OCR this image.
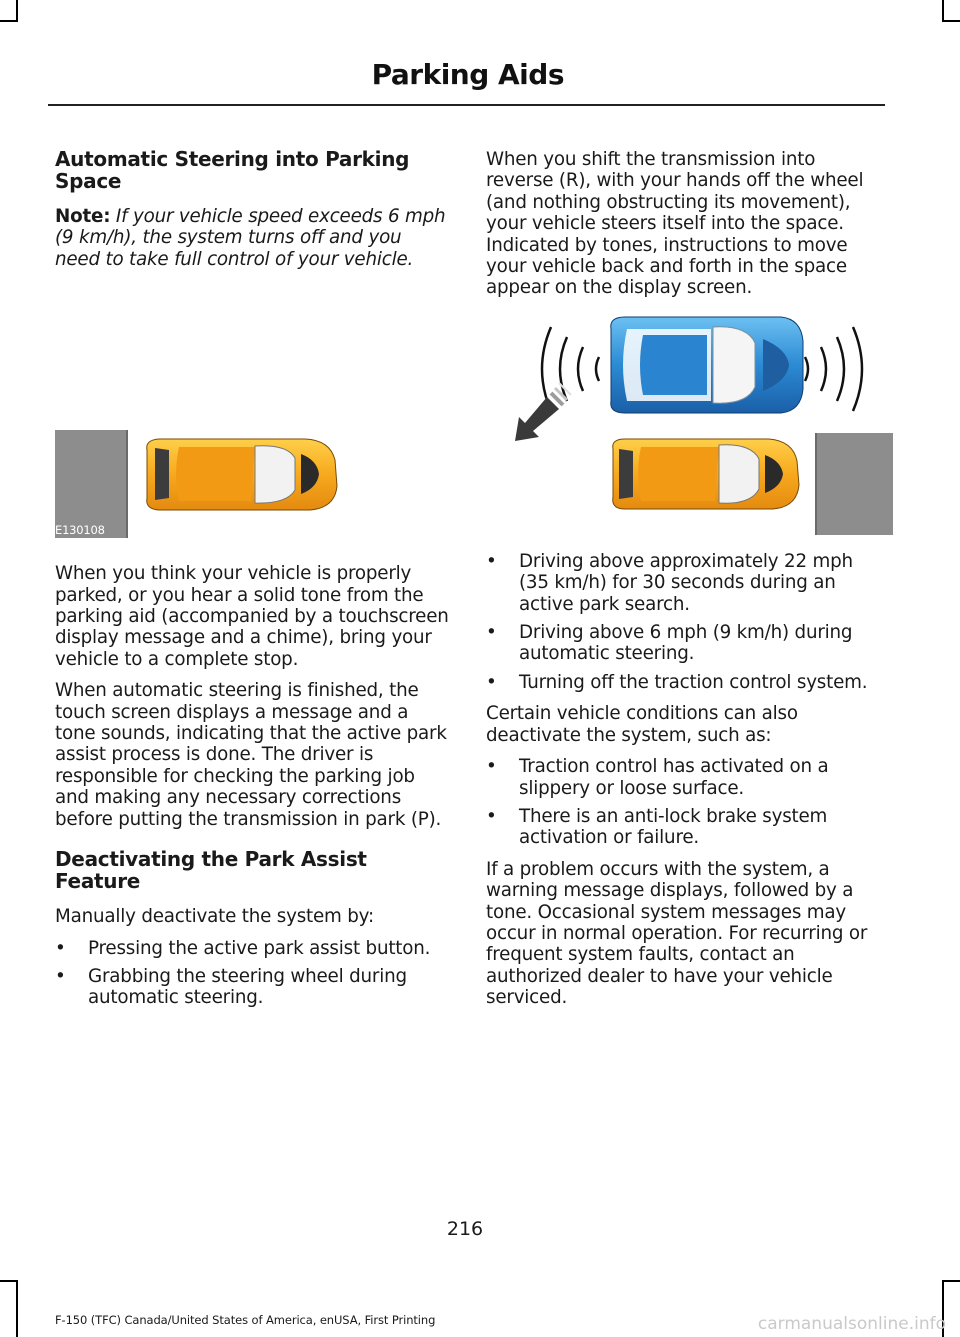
Parking Aids
Automatic Steering into Parking Space

Note: If your vehicle speed exceeds 6 mph (9 km/h), the system turns off and you need to take full control of your vehicle.

E130108

When you think your vehicle is properly parked, or you hear a solid tone from the parking aid (accompanied by a touchscreen display message and a chime), bring your vehicle to a complete stop.

When automatic steering is finished, the touch screen displays a message and a tone sounds, indicating that the active park assist process is done. The driver is responsible for checking the parking job and making any necessary corrections before putting the transmission in park (P).

Deactivating the Park Assist Feature

Manually deactivate the system by:

• Pressing the active park assist button.
• Grabbing the steering wheel during automatic steering.

When you shift the transmission into reverse (R), with your hands off the wheel (and nothing obstructing its movement), your vehicle steers itself into the space. Indicated by tones, instructions to move your vehicle back and forth in the space appear on the display screen.

• Driving above approximately 22 mph (35 km/h) for 30 seconds during an active park search.
• Driving above 6 mph (9 km/h) during automatic steering.
• Turning off the traction control system.

Certain vehicle conditions can also deactivate the system, such as:

• Traction control has activated on a slippery or loose surface.
• There is an anti-lock brake system activation or failure.

If a problem occurs with the system, a warning message displays, followed by a tone. Occasional system messages may occur in normal operation. For recurring or frequent system faults, contact an authorized dealer to have your vehicle serviced.

216
F-150 (TFC) Canada/United States of America, enUSA, First Printing	carmanualsonline.info
